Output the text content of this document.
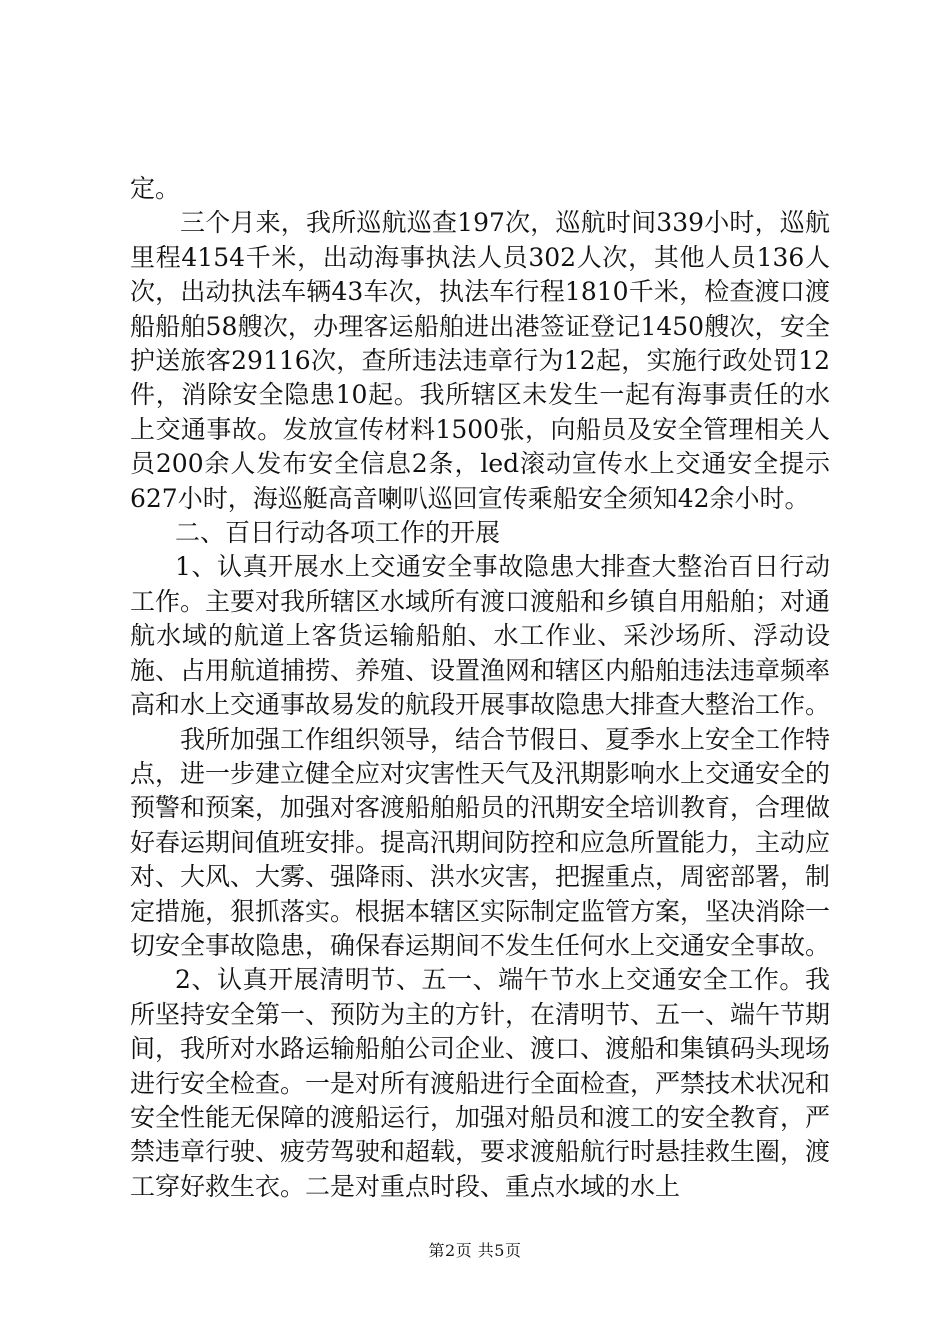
定。

三个月来，我所巡航巡查197次，巡航时间339小时，巡航里程4154千米，出动海事执法人员302人次，其他人员136人次，出动执法车辆43车次，执法车行程1810千米，检查渡口渡船船舶58艘次，办理客运船舶进出港签证登记1450艘次，安全护送旅客29116次，查所违法违章行为12起，实施行政处罚12件，消除安全隐患10起。我所辖区未发生一起有海事责任的水上交通事故。发放宣传材料1500张，向船员及安全管理相关人员200余人发布安全信息2条，led滚动宣传水上交通安全提示627小时，海巡艇高音喇叭巡回宣传乘船安全须知42余小时。

二、百日行动各项工作的开展

1、认真开展水上交通安全事故隐患大排查大整治百日行动工作。主要对我所辖区水域所有渡口渡船和乡镇自用船舶；对通航水域的航道上客货运输船舶、水工作业、采沙场所、浮动设施、占用航道捕捞、养殖、设置渔网和辖区内船舶违法违章频率高和水上交通事故易发的航段开展事故隐患大排查大整治工作。

我所加强工作组织领导，结合节假日、夏季水上安全工作特点，进一步建立健全应对灾害性天气及汛期影响水上交通安全的预警和预案，加强对客渡船舶船员的汛期安全培训教育，合理做好春运期间值班安排。提高汛期间防控和应急所置能力，主动应对、大风、大雾、强降雨、洪水灾害，把握重点，周密部署，制定措施，狠抓落实。根据本辖区实际制定监管方案，坚决消除一切安全事故隐患，确保春运期间不发生任何水上交通安全事故。

2、认真开展清明节、五一、端午节水上交通安全工作。我所坚持安全第一、预防为主的方针，在清明节、五一、端午节期间，我所对水路运输船舶公司企业、渡口、渡船和集镇码头现场进行安全检查。一是对所有渡船进行全面检查，严禁技术状况和安全性能无保障的渡船运行，加强对船员和渡工的安全教育，严禁违章行驶、疲劳驾驶和超载，要求渡船航行时悬挂救生圈，渡工穿好救生衣。二是对重点时段、重点水域的水上

第2页 共5页
